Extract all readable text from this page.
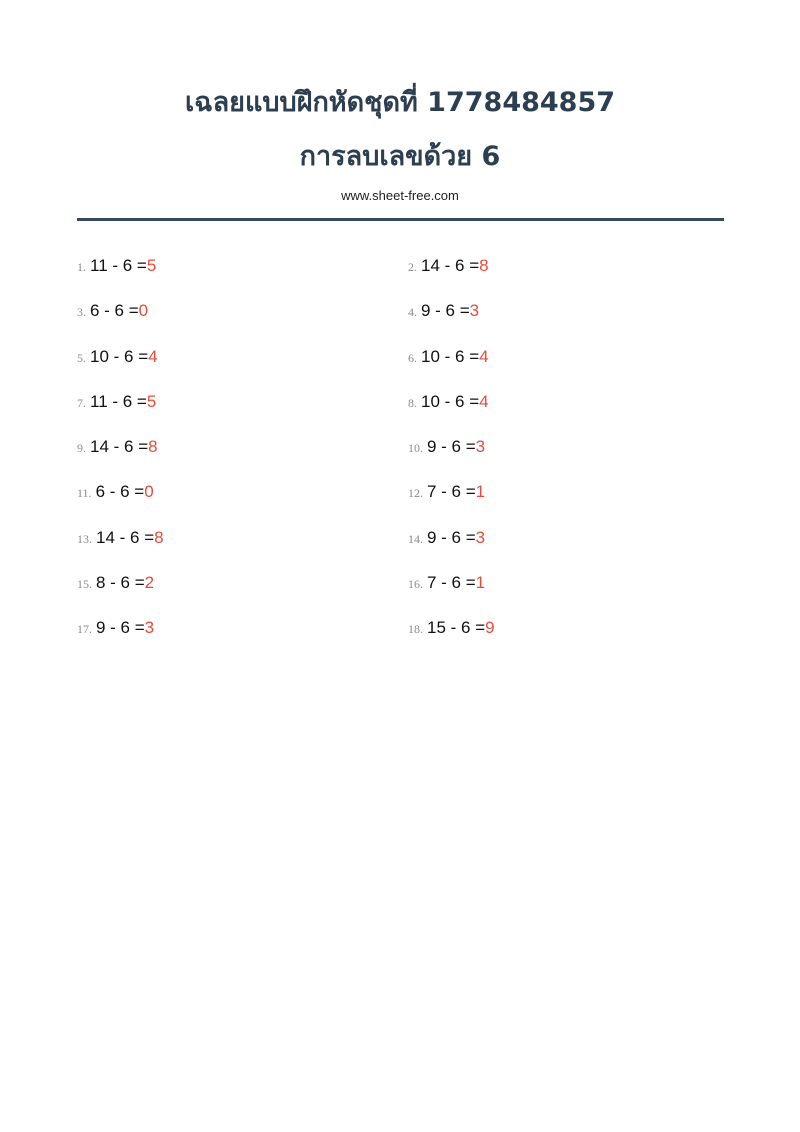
เฉลยแบบฝึกหัดชุดที่ 1778484857
การลบเลขด้วย 6
www.sheet-free.com
1. 11 - 6 = 5	2. 14 - 6 = 8
3. 6 - 6 = 0	4. 9 - 6 = 3
5. 10 - 6 = 4	6. 10 - 6 = 4
7. 11 - 6 = 5	8. 10 - 6 = 4
9. 14 - 6 = 8	10. 9 - 6 = 3
11. 6 - 6 = 0	12. 7 - 6 = 1
13. 14 - 6 = 8	14. 9 - 6 = 3
15. 8 - 6 = 2	16. 7 - 6 = 1
17. 9 - 6 = 3	18. 15 - 6 = 9
